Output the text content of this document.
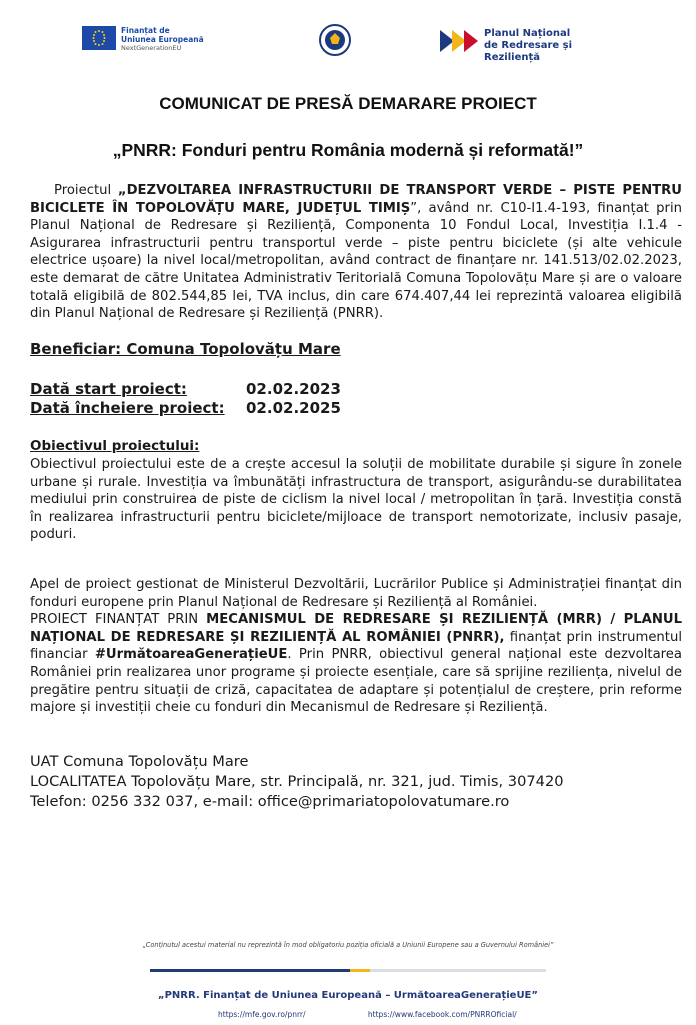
Finanțat de
Uniunea Europeană
NextGenerationEU
Planul Național
de Redresare și Reziliență
COMUNICAT DE PRESĂ DEMARARE PROIECT
„PNRR: Fonduri pentru România modernă și reformată!”

Proiectul „DEZVOLTAREA INFRASTRUCTURII DE TRANSPORT VERDE – PISTE PENTRU BICICLETE ÎN TOPOLOVĂȚU MARE, JUDEȚUL TIMIȘ”, având nr. C10-I1.4-193, finanțat prin Planul Național de Redresare și Reziliență, Componenta 10 Fondul Local, Investiția I.1.4 - Asigurarea infrastructurii pentru transportul verde – piste pentru biciclete (și alte vehicule electrice ușoare) la nivel local/metropolitan, având contract de finanțare nr. 141.513/02.02.2023, este demarat de către Unitatea Administrativ Teritorială Comuna Topolovățu Mare și are o valoare totală eligibilă de 802.544,85 lei, TVA inclus, din care 674.407,44 lei reprezintă valoarea eligibilă din Planul Național de Redresare și Reziliență (PNRR).

Beneficiar: Comuna Topolovățu Mare

Dată start proiect:	02.02.2023
Dată încheiere proiect: 02.02.2025

Obiectivul proiectului:

Obiectivul proiectului este de a crește accesul la soluții de mobilitate durabile și sigure în zonele urbane și rurale. Investiția va îmbunătăți infrastructura de transport, asigurându-se durabilitatea mediului prin construirea de piste de ciclism la nivel local / metropolitan în țară. Investiția constă în realizarea infrastructurii pentru biciclete/mijloace de transport nemotorizate, inclusiv pasaje, poduri.

Apel de proiect gestionat de Ministerul Dezvoltării, Lucrărilor Publice și Administrației finanțat din fonduri europene prin Planul Național de Redresare și Reziliență al României.
PROIECT FINANȚAT PRIN MECANISMUL DE REDRESARE ȘI REZILIENȚĂ (MRR) / PLANUL NAȚIONAL DE REDRESARE ȘI REZILIENȚĂ AL ROMÂNIEI (PNRR), finanțat prin instrumentul financiar #UrmătoareaGenerațieUE. Prin PNRR, obiectivul general național este dezvoltarea României prin realizarea unor programe și proiecte esențiale, care să sprijine reziliența, nivelul de pregătire pentru situații de criză, capacitatea de adaptare și potențialul de creștere, prin reforme majore și investiții cheie cu fonduri din Mecanismul de Redresare și Reziliență.
UAT Comuna Topolovățu Mare
LOCALITATEA Topolovățu Mare, str. Principală, nr. 321, jud. Timis, 307420
Telefon: 0256 332 037, e-mail: office@primariatopolovatumare.ro
„Conținutul acestui material nu reprezintă în mod obligatoriu poziția oficială a Uniunii Europene sau a Guvernului României”
„PNRR. Finanțat de Uniunea Europeană – UrmătoareaGenerațieUE”
https://mfe.gov.ro/pnrr/	https://www.facebook.com/PNRROficial/
